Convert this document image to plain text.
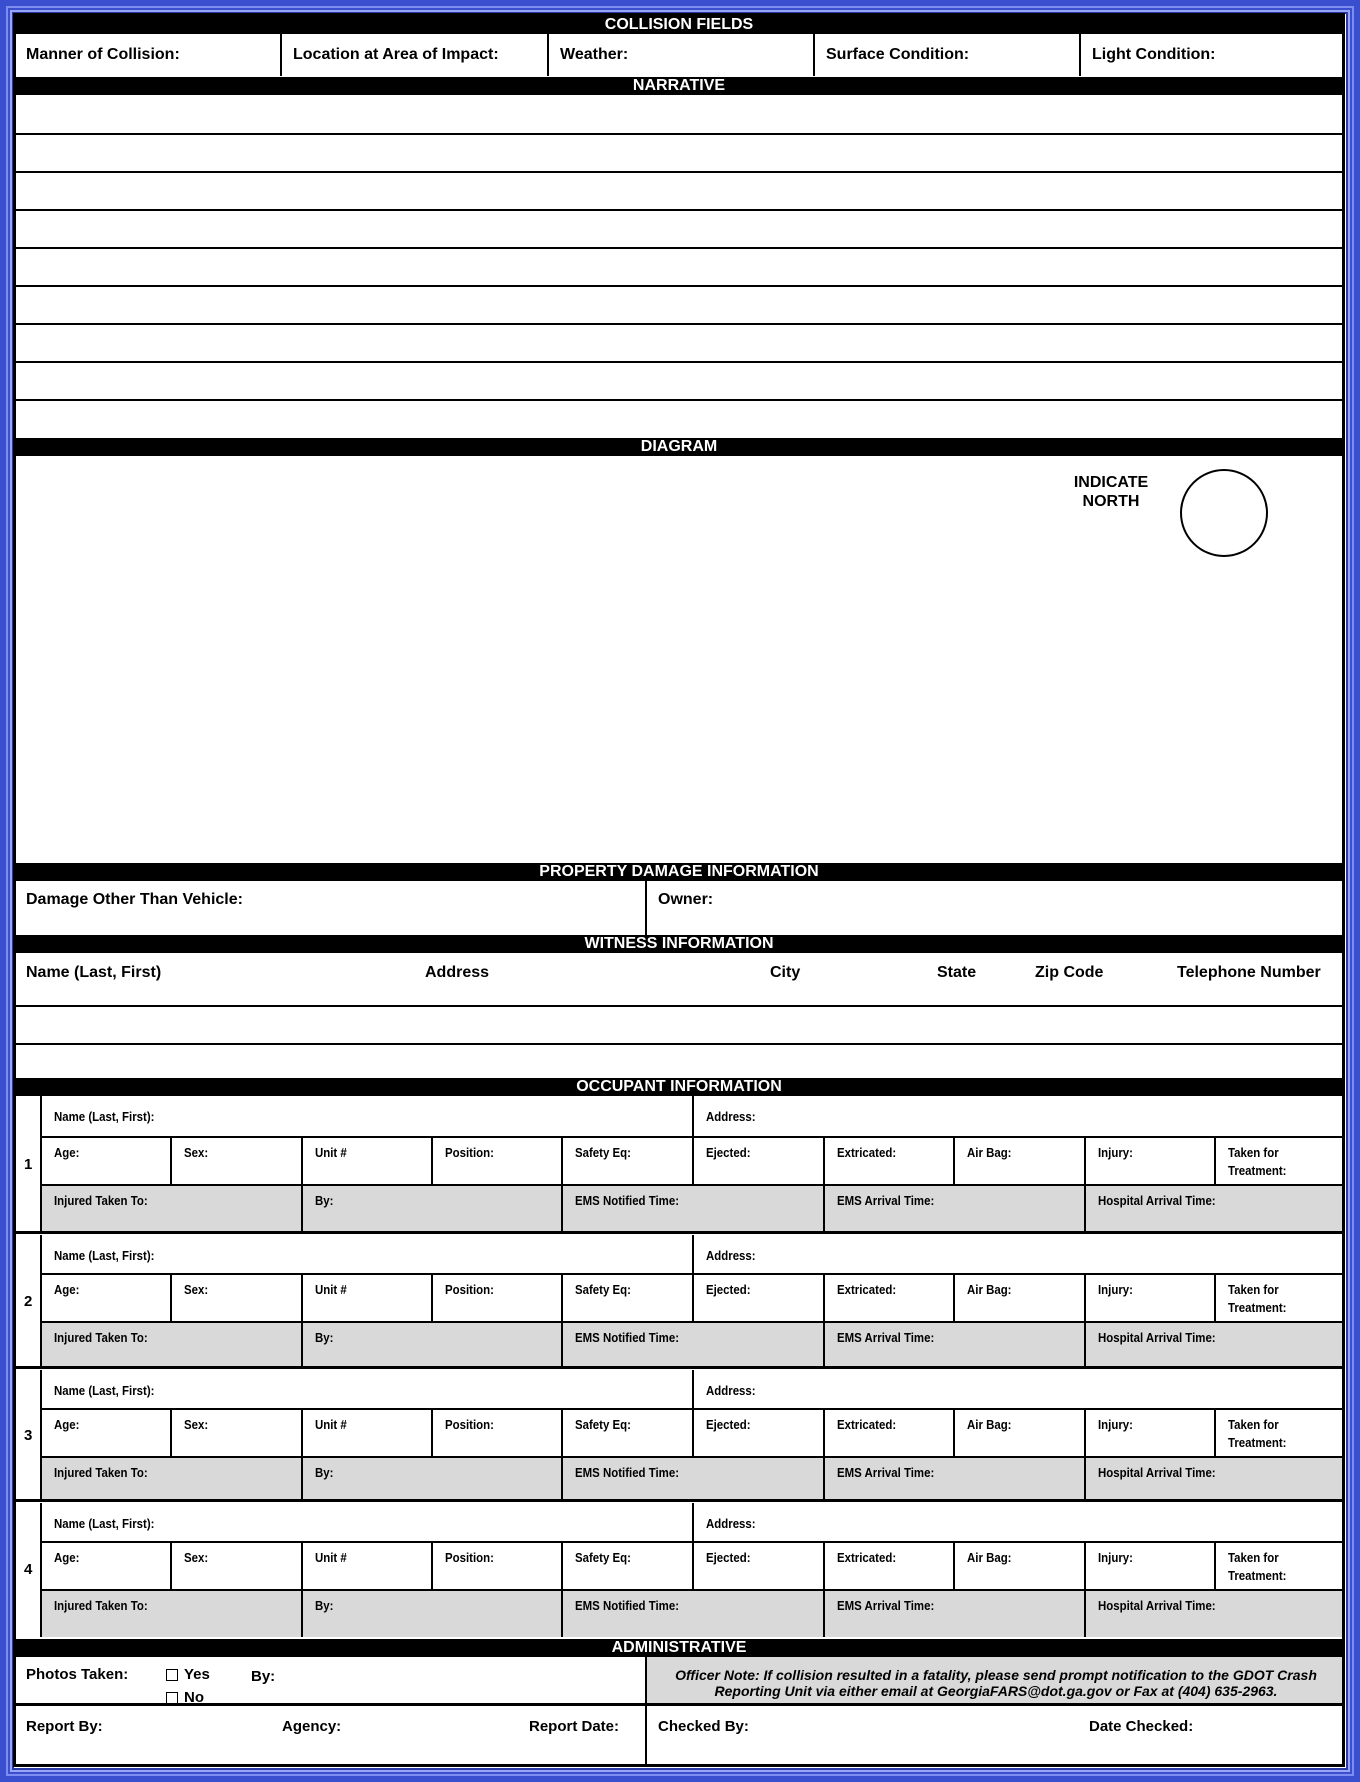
COLLISION FIELDS
Manner of Collision:	Location at Area of Impact:	Weather:	Surface Condition:	Light Condition:
NARRATIVE
DIAGRAM
INDICATE
NORTH
PROPERTY DAMAGE INFORMATION
Damage Other Than Vehicle:	Owner:
WITNESS INFORMATION
Name (Last, First)	Address	City	State	Zip Code	Telephone Number
OCCUPANT INFORMATION
1
Name (Last, First):	Address:
Age:	Sex:	Unit #	Position:	Safety Eq:	Ejected:	Extricated:	Air Bag:	Injury:	Taken for
Treatment:
Injured Taken To:	By:	EMS Notified Time:	EMS Arrival Time:	Hospital Arrival Time:
2
Name (Last, First):	Address:
Age:	Sex:	Unit #	Position:	Safety Eq:	Ejected:	Extricated:	Air Bag:	Injury:	Taken for
Treatment:
Injured Taken To:	By:	EMS Notified Time:	EMS Arrival Time:	Hospital Arrival Time:
3
Name (Last, First):	Address:
Age:	Sex:	Unit #	Position:	Safety Eq:	Ejected:	Extricated:	Air Bag:	Injury:	Taken for
Treatment:
Injured Taken To:	By:	EMS Notified Time:	EMS Arrival Time:	Hospital Arrival Time:
4
Name (Last, First):	Address:
Age:	Sex:	Unit #	Position:	Safety Eq:	Ejected:	Extricated:	Air Bag:	Injury:	Taken for
Treatment:
Injured Taken To:	By:	EMS Notified Time:	EMS Arrival Time:	Hospital Arrival Time:
ADMINISTRATIVE
Photos Taken:	Yes
No
By:	Officer Note: If collision resulted in a fatality, please send prompt notification to the GDOT Crash Reporting Unit via either email at GeorgiaFARS@dot.ga.gov or Fax at (404) 635-2963.
Report By:	Agency:	Report Date:	Checked By:	Date Checked:
